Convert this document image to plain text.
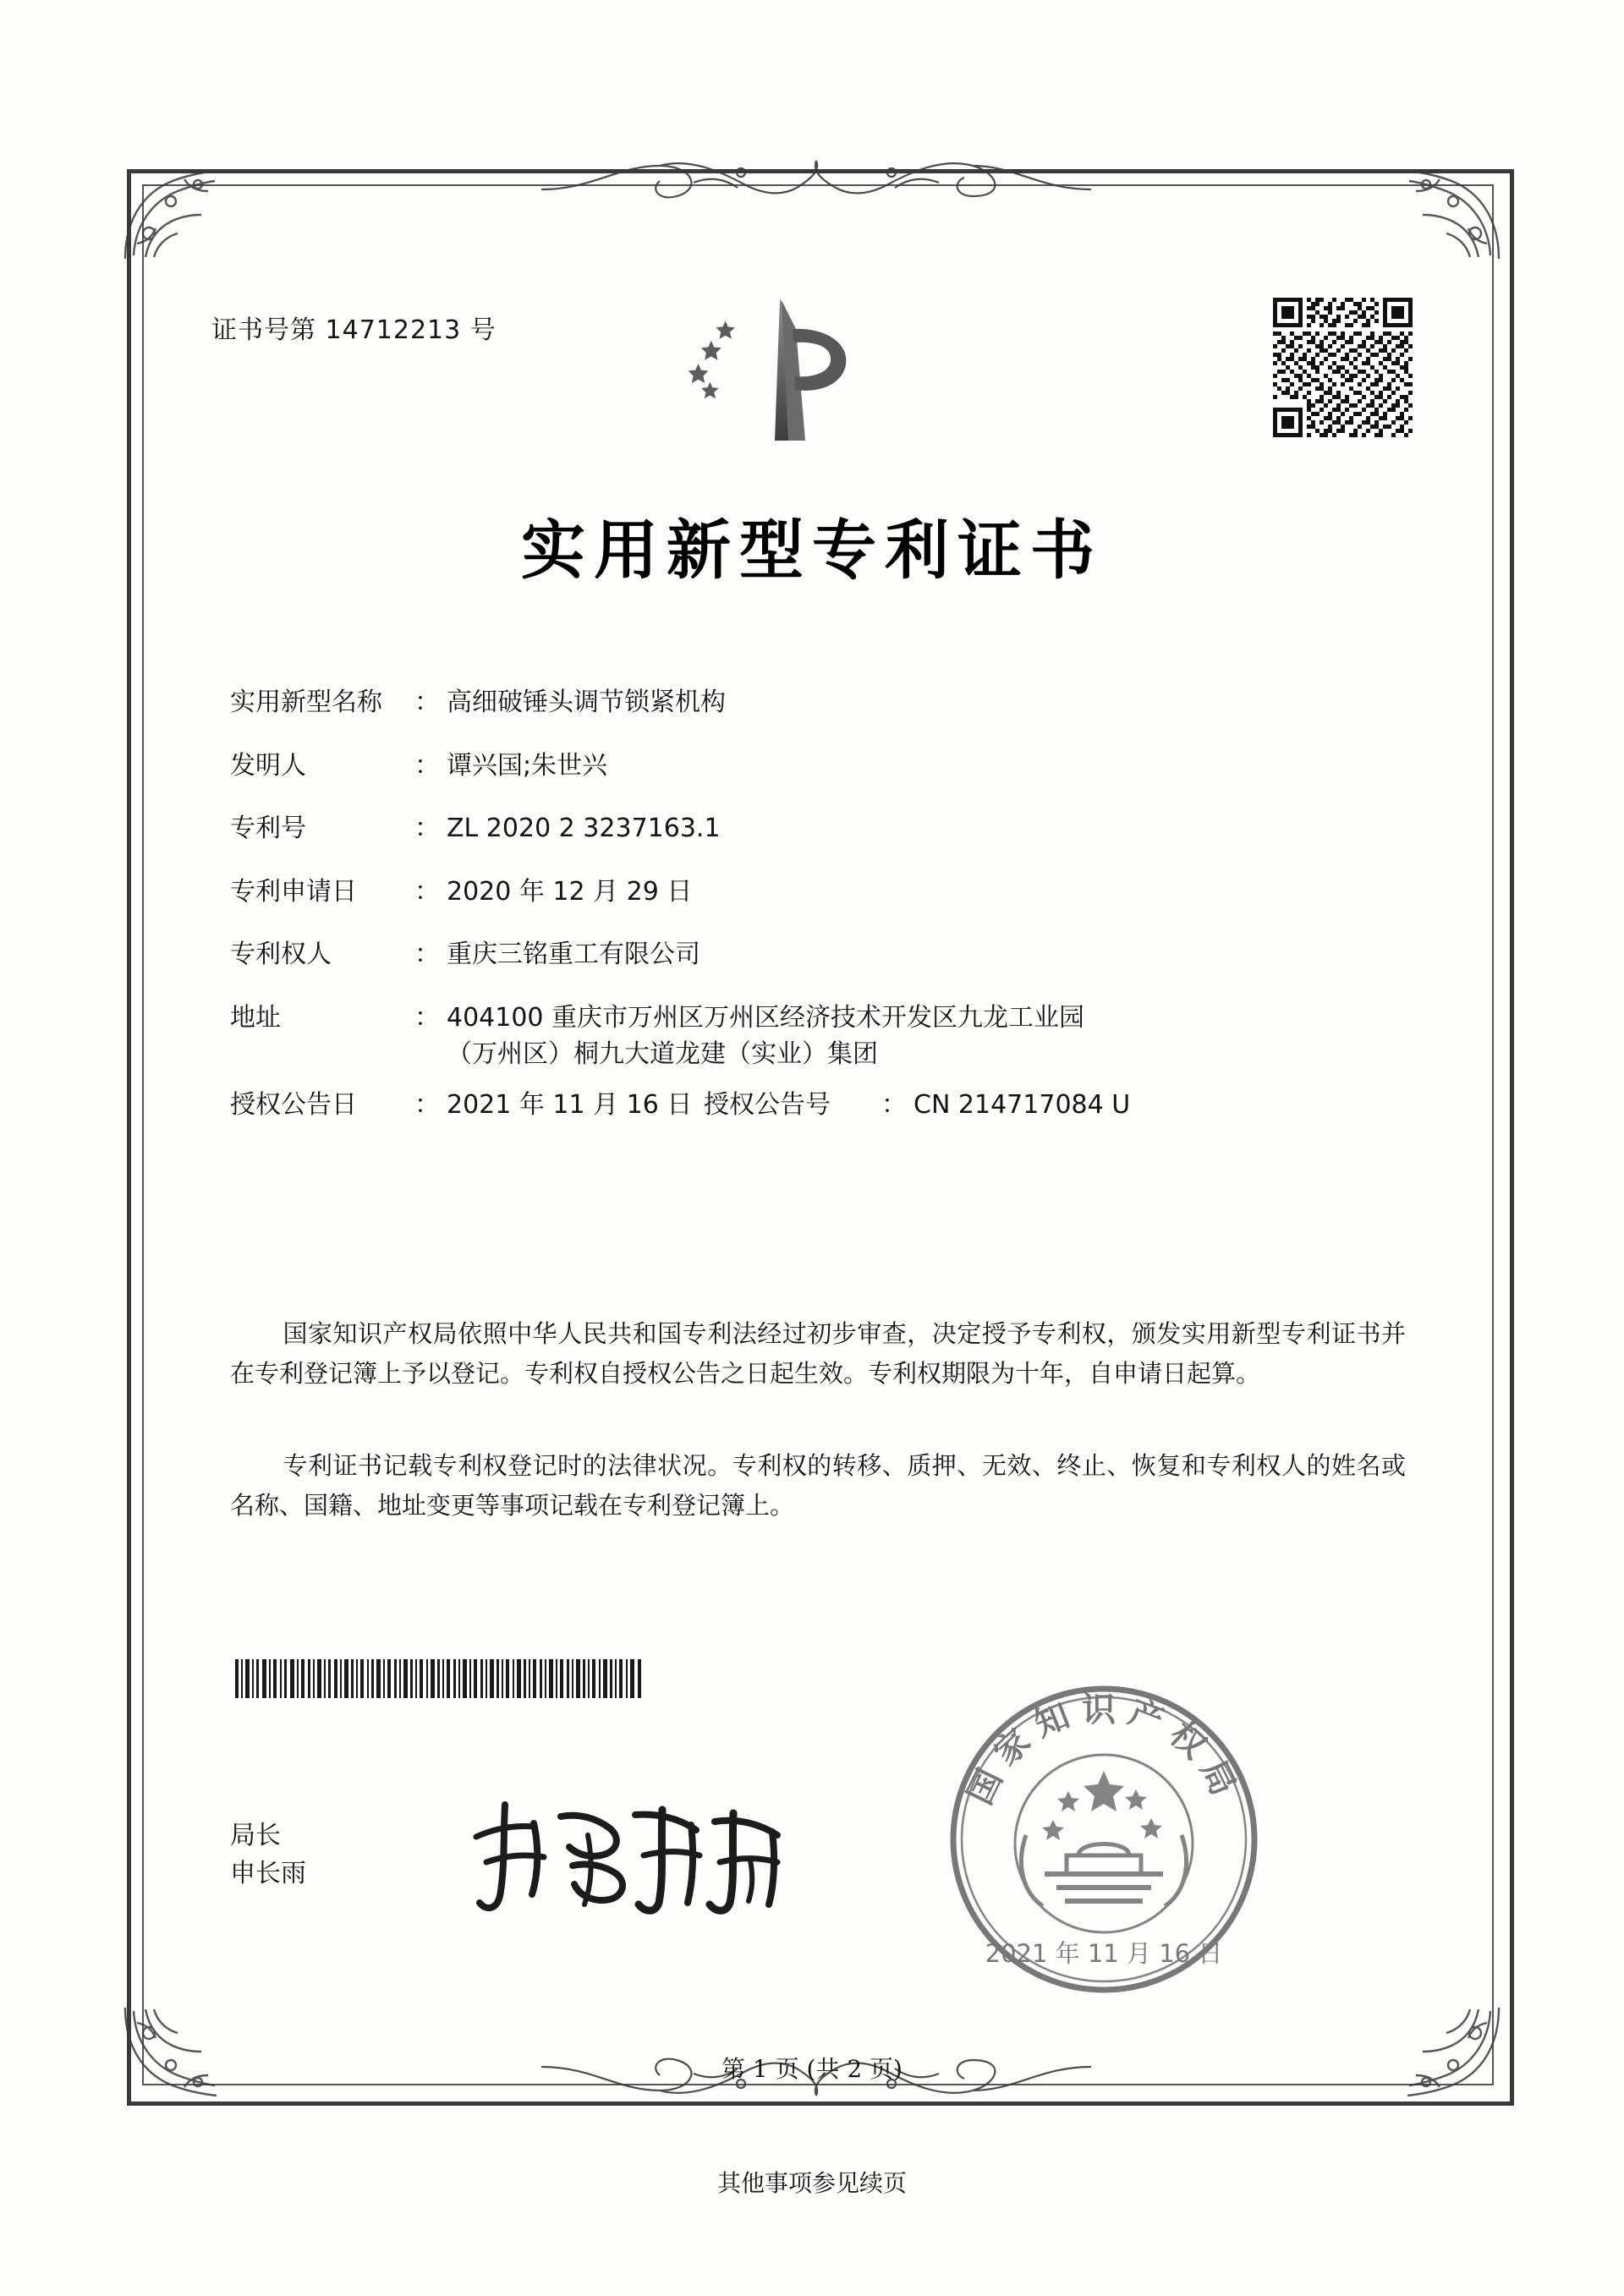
证书号第 14712213 号
实用新型专利证书
实用新型名称	： 高细破锤头调节锁紧机构
发明人	： 谭兴国;朱世兴
专利号	： ZL 2020 2 3237163.1
专利申请日	： 2020 年 12 月 29 日
专利权人	： 重庆三铭重工有限公司
地址	： 404100 重庆市万州区万州区经济技术开发区九龙工业园
（万州区）桐九大道龙建（实业）集团
授权公告日	： 2021 年 11 月 16 日 授权公告号	： CN 214717084 U
国家知识产权局依照中华人民共和国专利法经过初步审查，决定授予专利权，颁发实用新型专利证书并在专利登记簿上予以登记。专利权自授权公告之日起生效。专利权期限为十年，自申请日起算。
专利证书记载专利权登记时的法律状况。专利权的转移、质押、无效、终止、恢复和专利权人的姓名或名称、国籍、地址变更等事项记载在专利登记簿上。
局长
申长雨
国家知识产权局
2021 年 11 月 16 日
第 1 页 (共 2 页)
其他事项参见续页
